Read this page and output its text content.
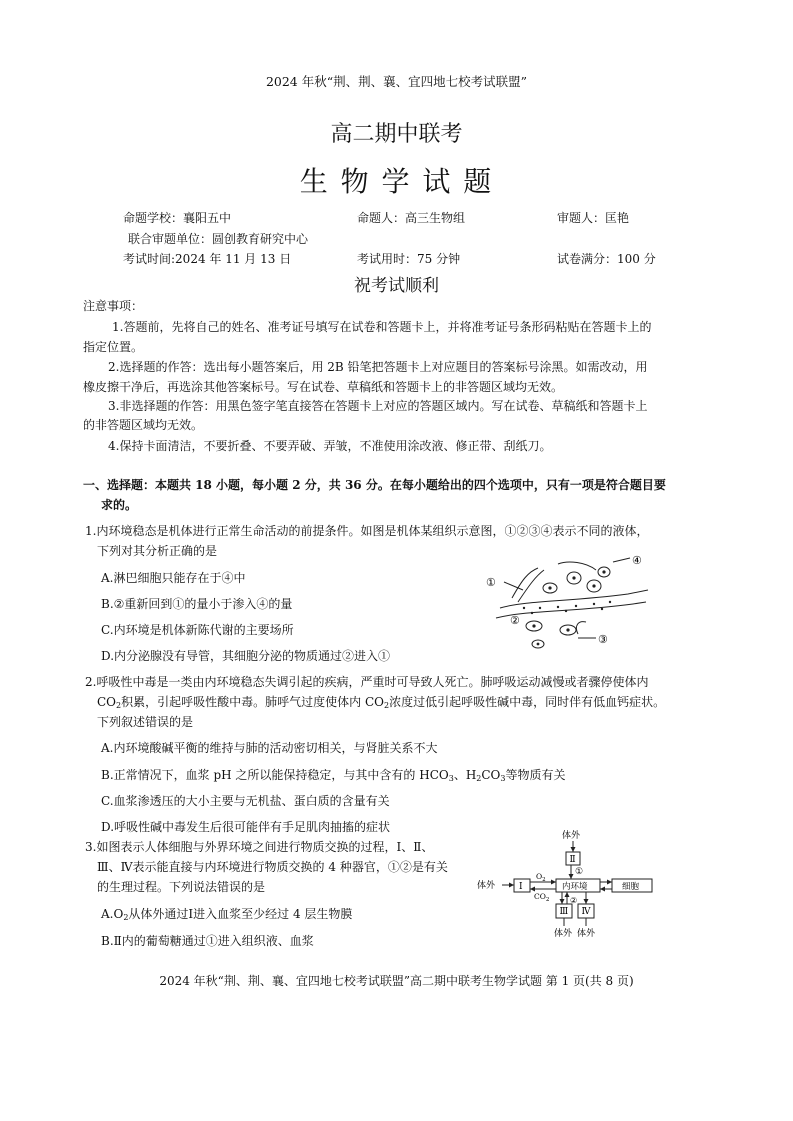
2024 年秋“荆、荆、襄、宜四地七校考试联盟”
高二期中联考
生 物 学 试 题
命题学校：襄阳五中	命题人：高三生物组	审题人：匡艳
联合审题单位：圆创教育研究中心
考试时间:2024 年 11 月 13 日	考试用时：75 分钟	试卷满分：100 分
祝考试顺利
注意事项：
1.答题前，先将自己的姓名、准考证号填写在试卷和答题卡上，并将准考证号条形码粘贴在答题卡上的
指定位置。
2.选择题的作答：选出每小题答案后，用 2B 铅笔把答题卡上对应题目的答案标号涂黑。如需改动，用
橡皮擦干净后，再选涂其他答案标号。写在试卷、草稿纸和答题卡上的非答题区域均无效。
3.非选择题的作答：用黑色签字笔直接答在答题卡上对应的答题区域内。写在试卷、草稿纸和答题卡上
的非答题区域均无效。
4.保持卡面清洁，不要折叠、不要弄破、弄皱，不准使用涂改液、修正带、刮纸刀。
一、选择题：本题共 18 小题，每小题 2 分，共 36 分。在每小题给出的四个选项中，只有一项是符合题目要
求的。
1.内环境稳态是机体进行正常生命活动的前提条件。如图是机体某组织示意图，①②③④表示不同的液体，
下列对其分析正确的是
A.淋巴细胞只能存在于④中
B.②重新回到①的量小于渗入④的量
C.内环境是机体新陈代谢的主要场所
D.内分泌腺没有导管，其细胞分泌的物质通过②进入①
①
②
③
④
2.呼吸性中毒是一类由内环境稳态失调引起的疾病，严重时可导致人死亡。肺呼吸运动减慢或者骤停使体内
$CO_2$积累，引起呼吸性酸中毒。肺呼气过度使体内 $CO_2$浓度过低引起呼吸性碱中毒，同时伴有低血钙症状。
下列叙述错误的是
A.内环境酸碱平衡的维持与肺的活动密切相关，与肾脏关系不大
B.正常情况下，血浆 pH 之所以能保持稳定，与其中含有的 $HCO_3$、$H_2CO_3$等物质有关
C.血浆渗透压的大小主要与无机盐、蛋白质的含量有关
D.呼吸性碱中毒发生后很可能伴有手足肌肉抽搐的症状
3.如图表示人体细胞与外界环境之间进行物质交换的过程，Ⅰ、Ⅱ、
Ⅲ、Ⅳ表示能直接与内环境进行物质交换的 4 种器官，①②是有关
的生理过程。下列说法错误的是
$A.O_2$从体外通过Ⅰ进入血浆至少经过 4 层生物膜
B.Ⅱ内的葡萄糖通过①进入组织液、血浆
体外
Ⅱ
①
体外	Ⅰ
$O_2$
$CO_2$
内环境	细胞
②
Ⅲ Ⅳ
体外 体外
2024 年秋“荆、荆、襄、宜四地七校考试联盟”高二期中联考生物学试题 第 1 页(共 8 页)
